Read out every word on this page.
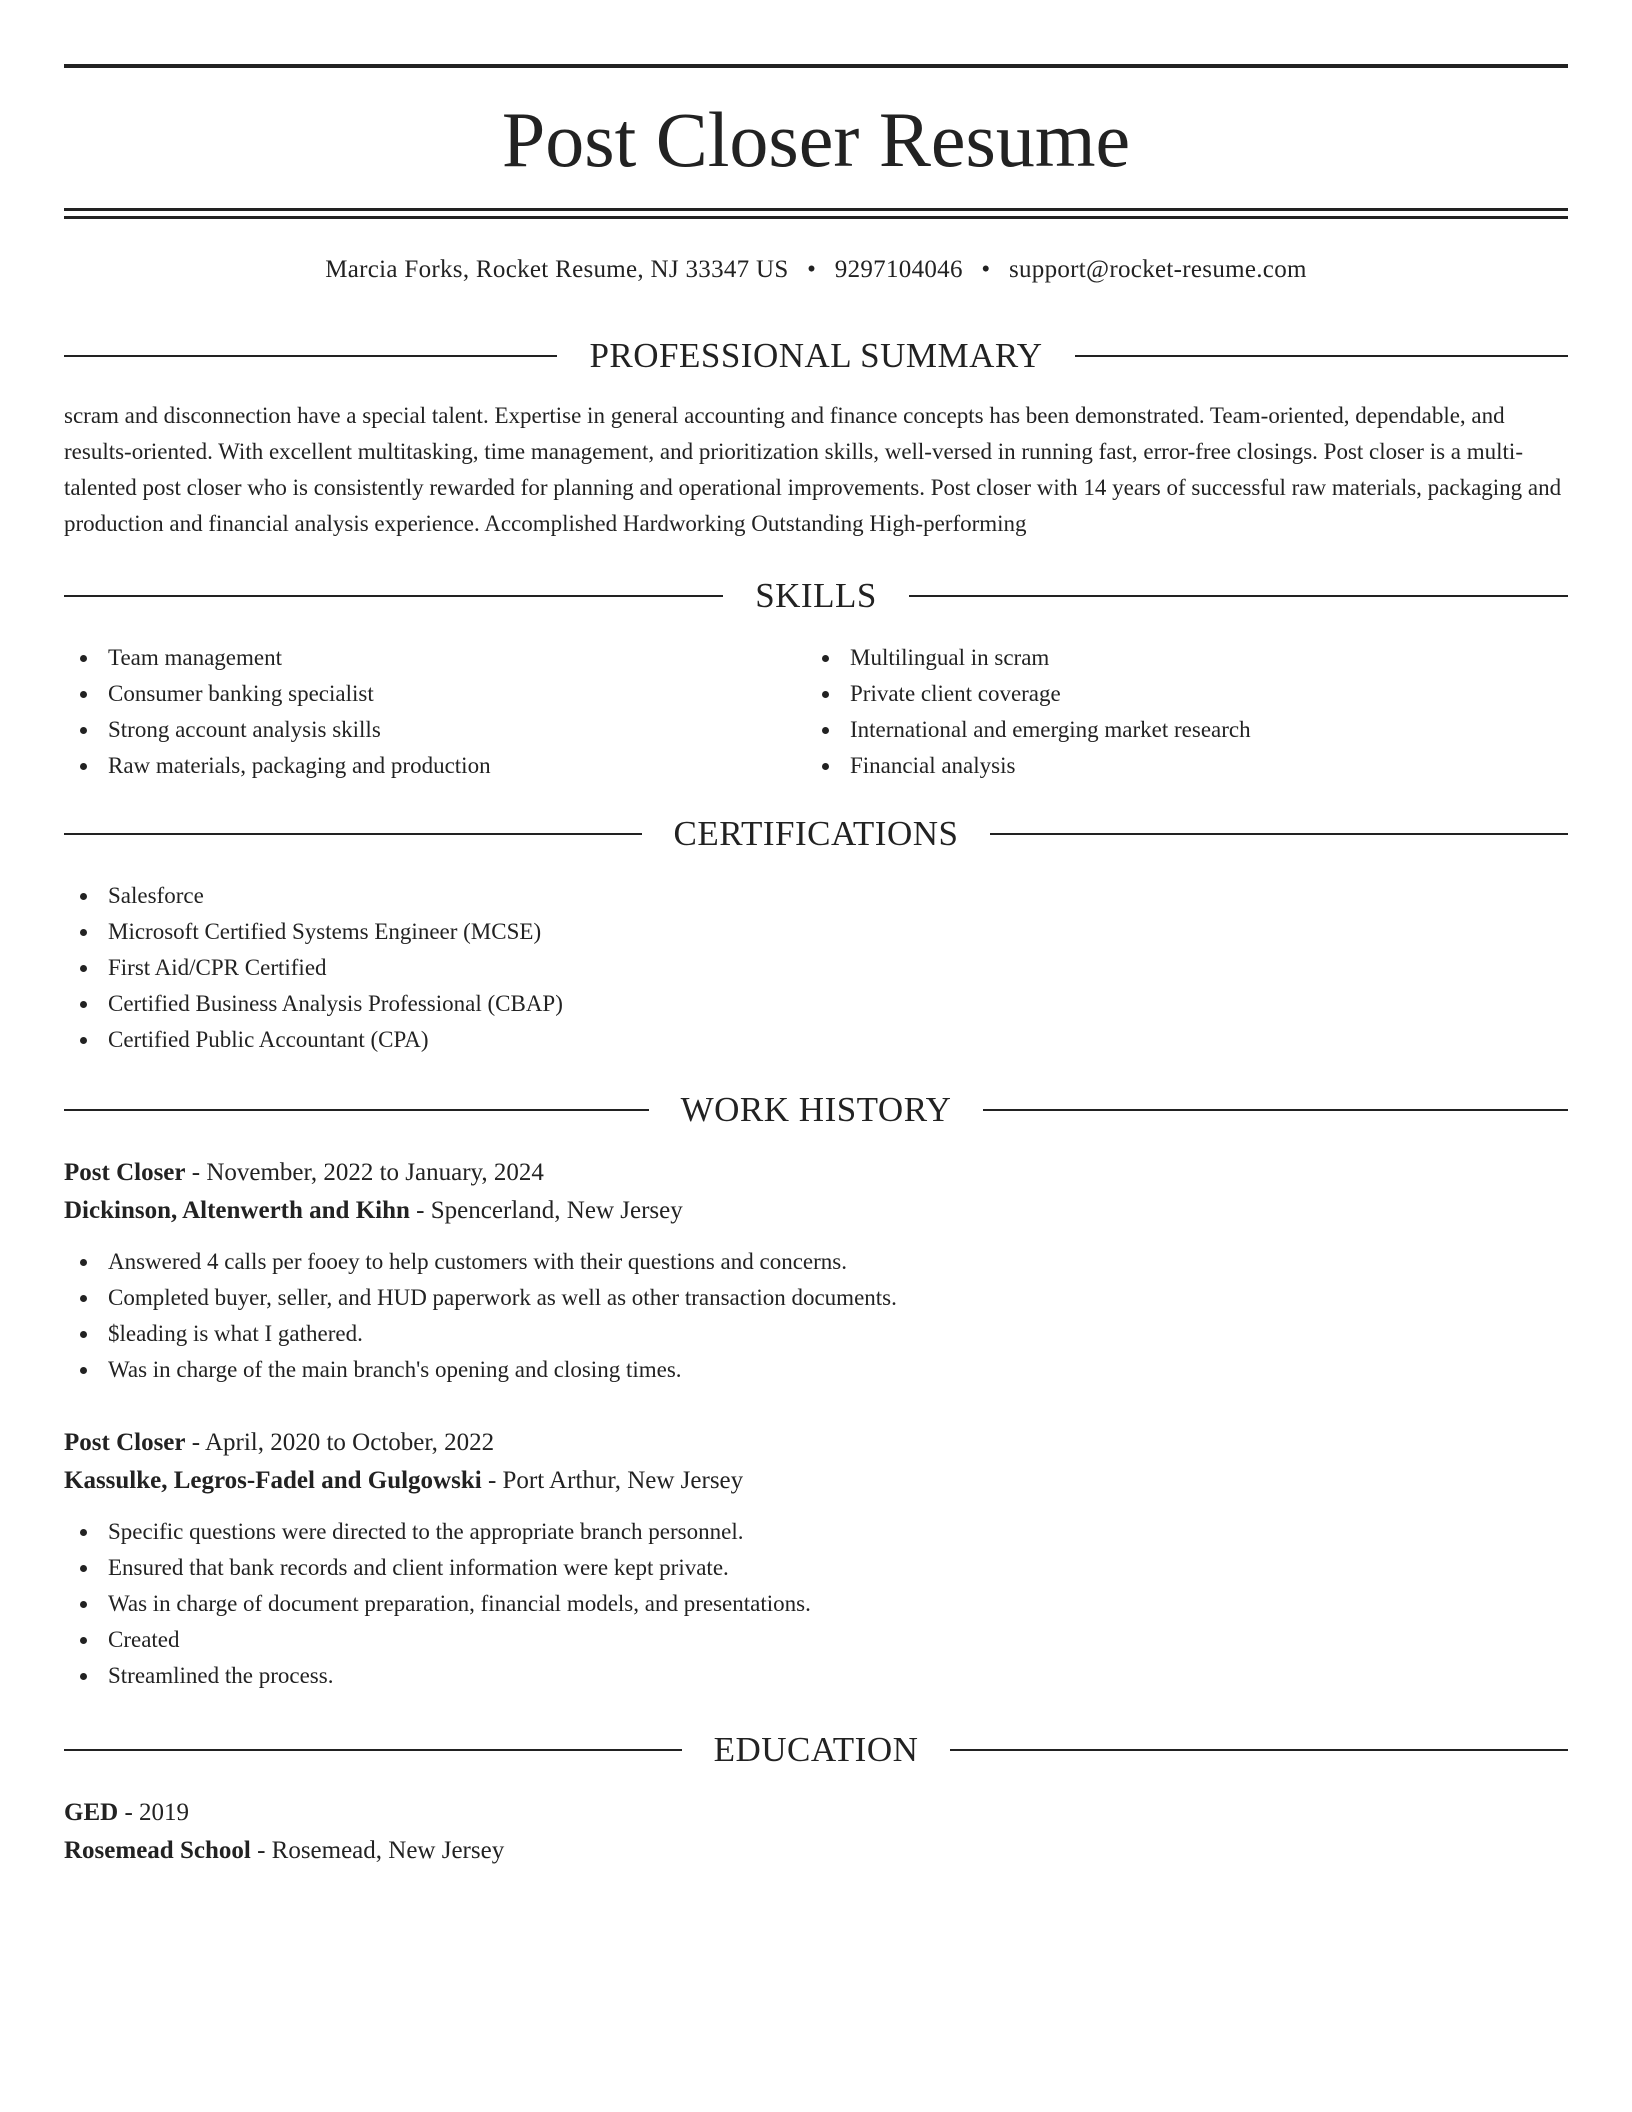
Post Closer Resume
Marcia Forks, Rocket Resume, NJ 33347 US • 9297104046 • support@rocket-resume.com
PROFESSIONAL SUMMARY
scram and disconnection have a special talent. Expertise in general accounting and finance concepts has been demonstrated. Team-oriented, dependable, and results-oriented. With excellent multitasking, time management, and prioritization skills, well-versed in running fast, error-free closings. Post closer is a multi-talented post closer who is consistently rewarded for planning and operational improvements. Post closer with 14 years of successful raw materials, packaging and production and financial analysis experience. Accomplished Hardworking Outstanding High-performing
SKILLS
Team management
Consumer banking specialist
Strong account analysis skills
Raw materials, packaging and production
Multilingual in scram
Private client coverage
International and emerging market research
Financial analysis
CERTIFICATIONS
Salesforce
Microsoft Certified Systems Engineer (MCSE)
First Aid/CPR Certified
Certified Business Analysis Professional (CBAP)
Certified Public Accountant (CPA)
WORK HISTORY
Post Closer - November, 2022 to January, 2024
Dickinson, Altenwerth and Kihn - Spencerland, New Jersey
Answered 4 calls per fooey to help customers with their questions and concerns.
Completed buyer, seller, and HUD paperwork as well as other transaction documents.
$leading is what I gathered.
Was in charge of the main branch's opening and closing times.
Post Closer - April, 2020 to October, 2022
Kassulke, Legros-Fadel and Gulgowski - Port Arthur, New Jersey
Specific questions were directed to the appropriate branch personnel.
Ensured that bank records and client information were kept private.
Was in charge of document preparation, financial models, and presentations.
Created
Streamlined the process.
EDUCATION
GED - 2019
Rosemead School - Rosemead, New Jersey
